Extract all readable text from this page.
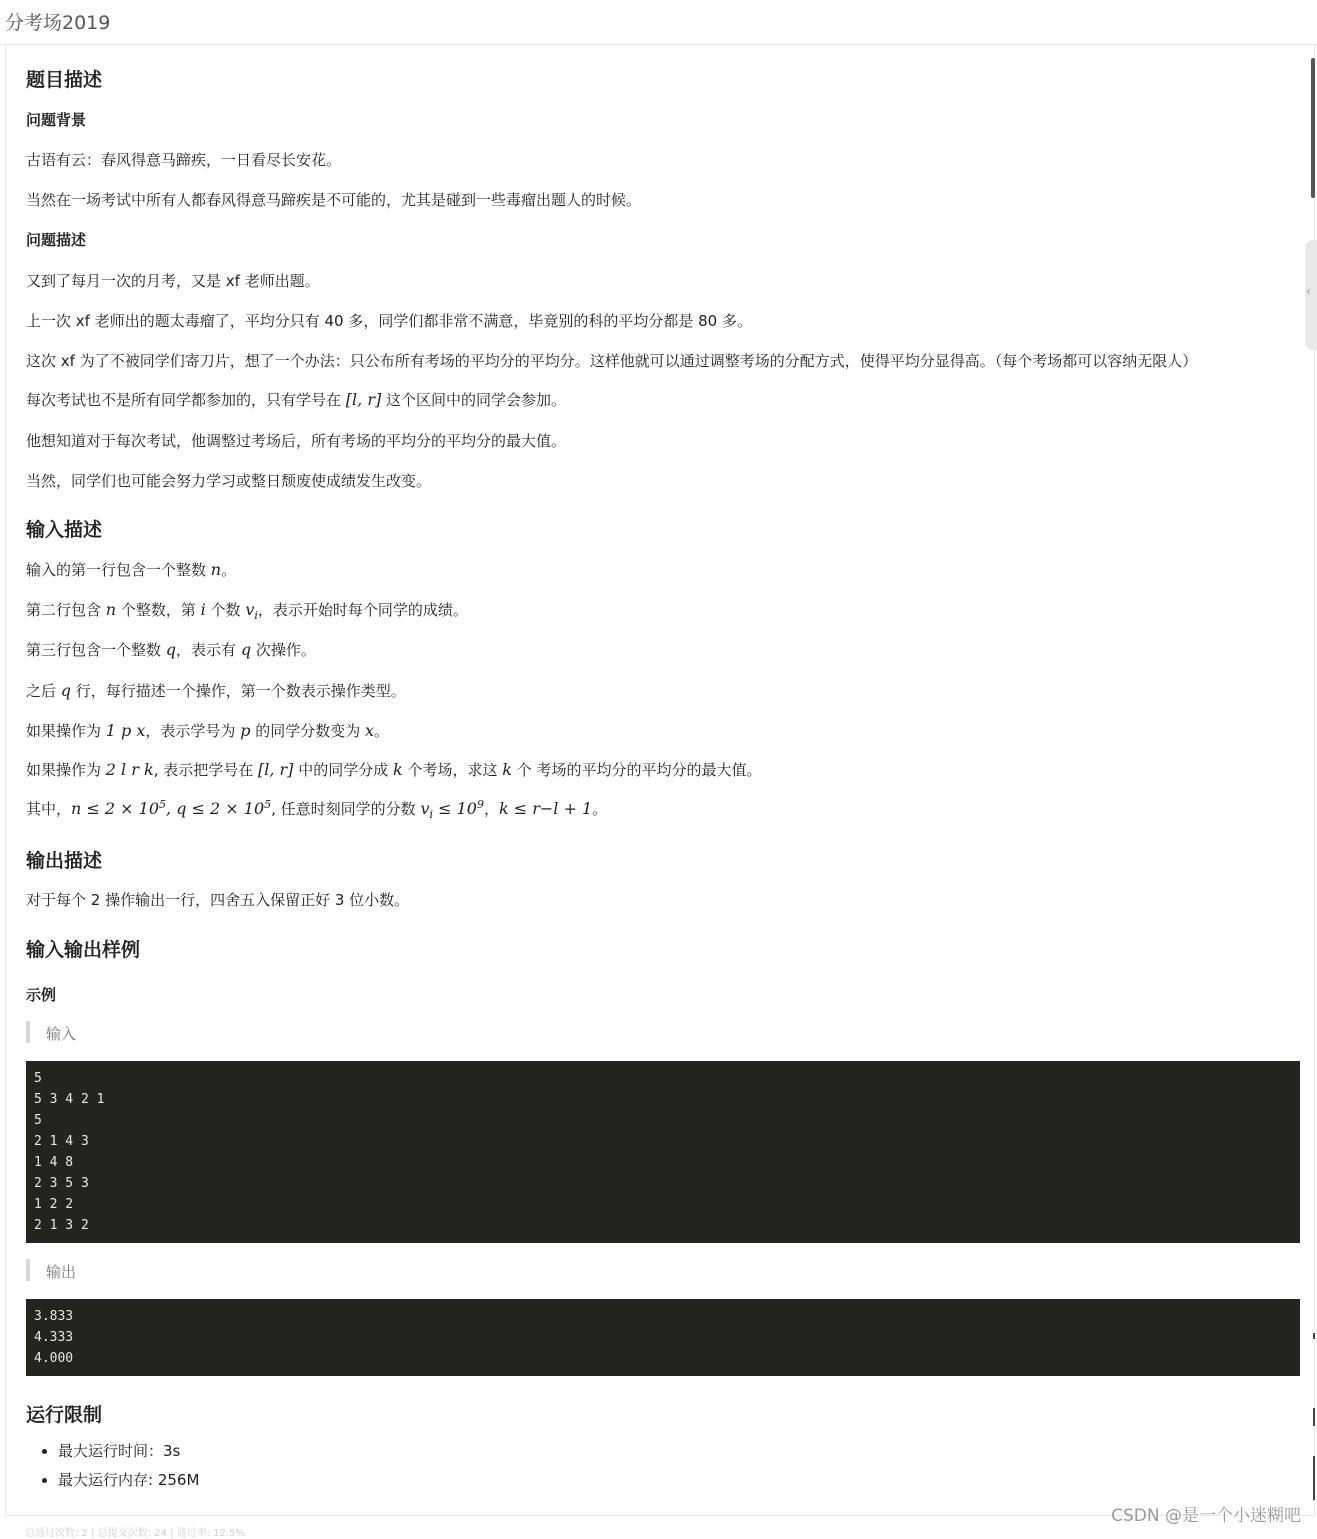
分考场2019
题目描述
问题背景
古语有云：春风得意马蹄疾，一日看尽长安花。
当然在一场考试中所有人都春风得意马蹄疾是不可能的，尤其是碰到一些毒瘤出题人的时候。
问题描述
又到了每月一次的月考，又是 xf 老师出题。
上一次 xf 老师出的题太毒瘤了，平均分只有 40 多，同学们都非常不满意，毕竟别的科的平均分都是 80 多。
这次 xf 为了不被同学们寄刀片，想了一个办法：只公布所有考场的平均分的平均分。这样他就可以通过调整考场的分配方式，使得平均分显得高。（每个考场都可以容纳无限人）
每次考试也不是所有同学都参加的，只有学号在 [l, r] 这个区间中的同学会参加。
他想知道对于每次考试，他调整过考场后，所有考场的平均分的平均分的最大值。
当然，同学们也可能会努力学习或整日颓废使成绩发生改变。
输入描述
输入的第一行包含一个整数 n。
第二行包含 n 个整数，第 i 个数 $v_i$，表示开始时每个同学的成绩。
第三行包含一个整数 q，表示有 q 次操作。
之后 q 行，每行描述一个操作，第一个数表示操作类型。
如果操作为 1 p x，表示学号为 p 的同学分数变为 x。
如果操作为 2 l r k, 表示把学号在 [l, r] 中的同学分成 k 个考场，求这 k 个 考场的平均分的平均分的最大值。
其中，$n \le 2 \times 10^5$, $q \le 2 \times 10^5$, 任意时刻同学的分数 $v_i \le 10^9$，k ≤ r−l + 1。
输出描述
对于每个 2 操作输出一行，四舍五入保留正好 3 位小数。
输入输出样例
示例
输入
5
5 3 4 2 1
5
2 1 4 3
1 4 8
2 3 5 3
1 2 2
2 1 3 2
输出
3.833
4.333
4.000
运行限制
• 最大运行时间：3s
• 最大运行内存: 256M
‹
总通过次数: 2 | 总提交次数: 24 | 通过率: 12.5%
CSDN @是一个小迷糊吧
